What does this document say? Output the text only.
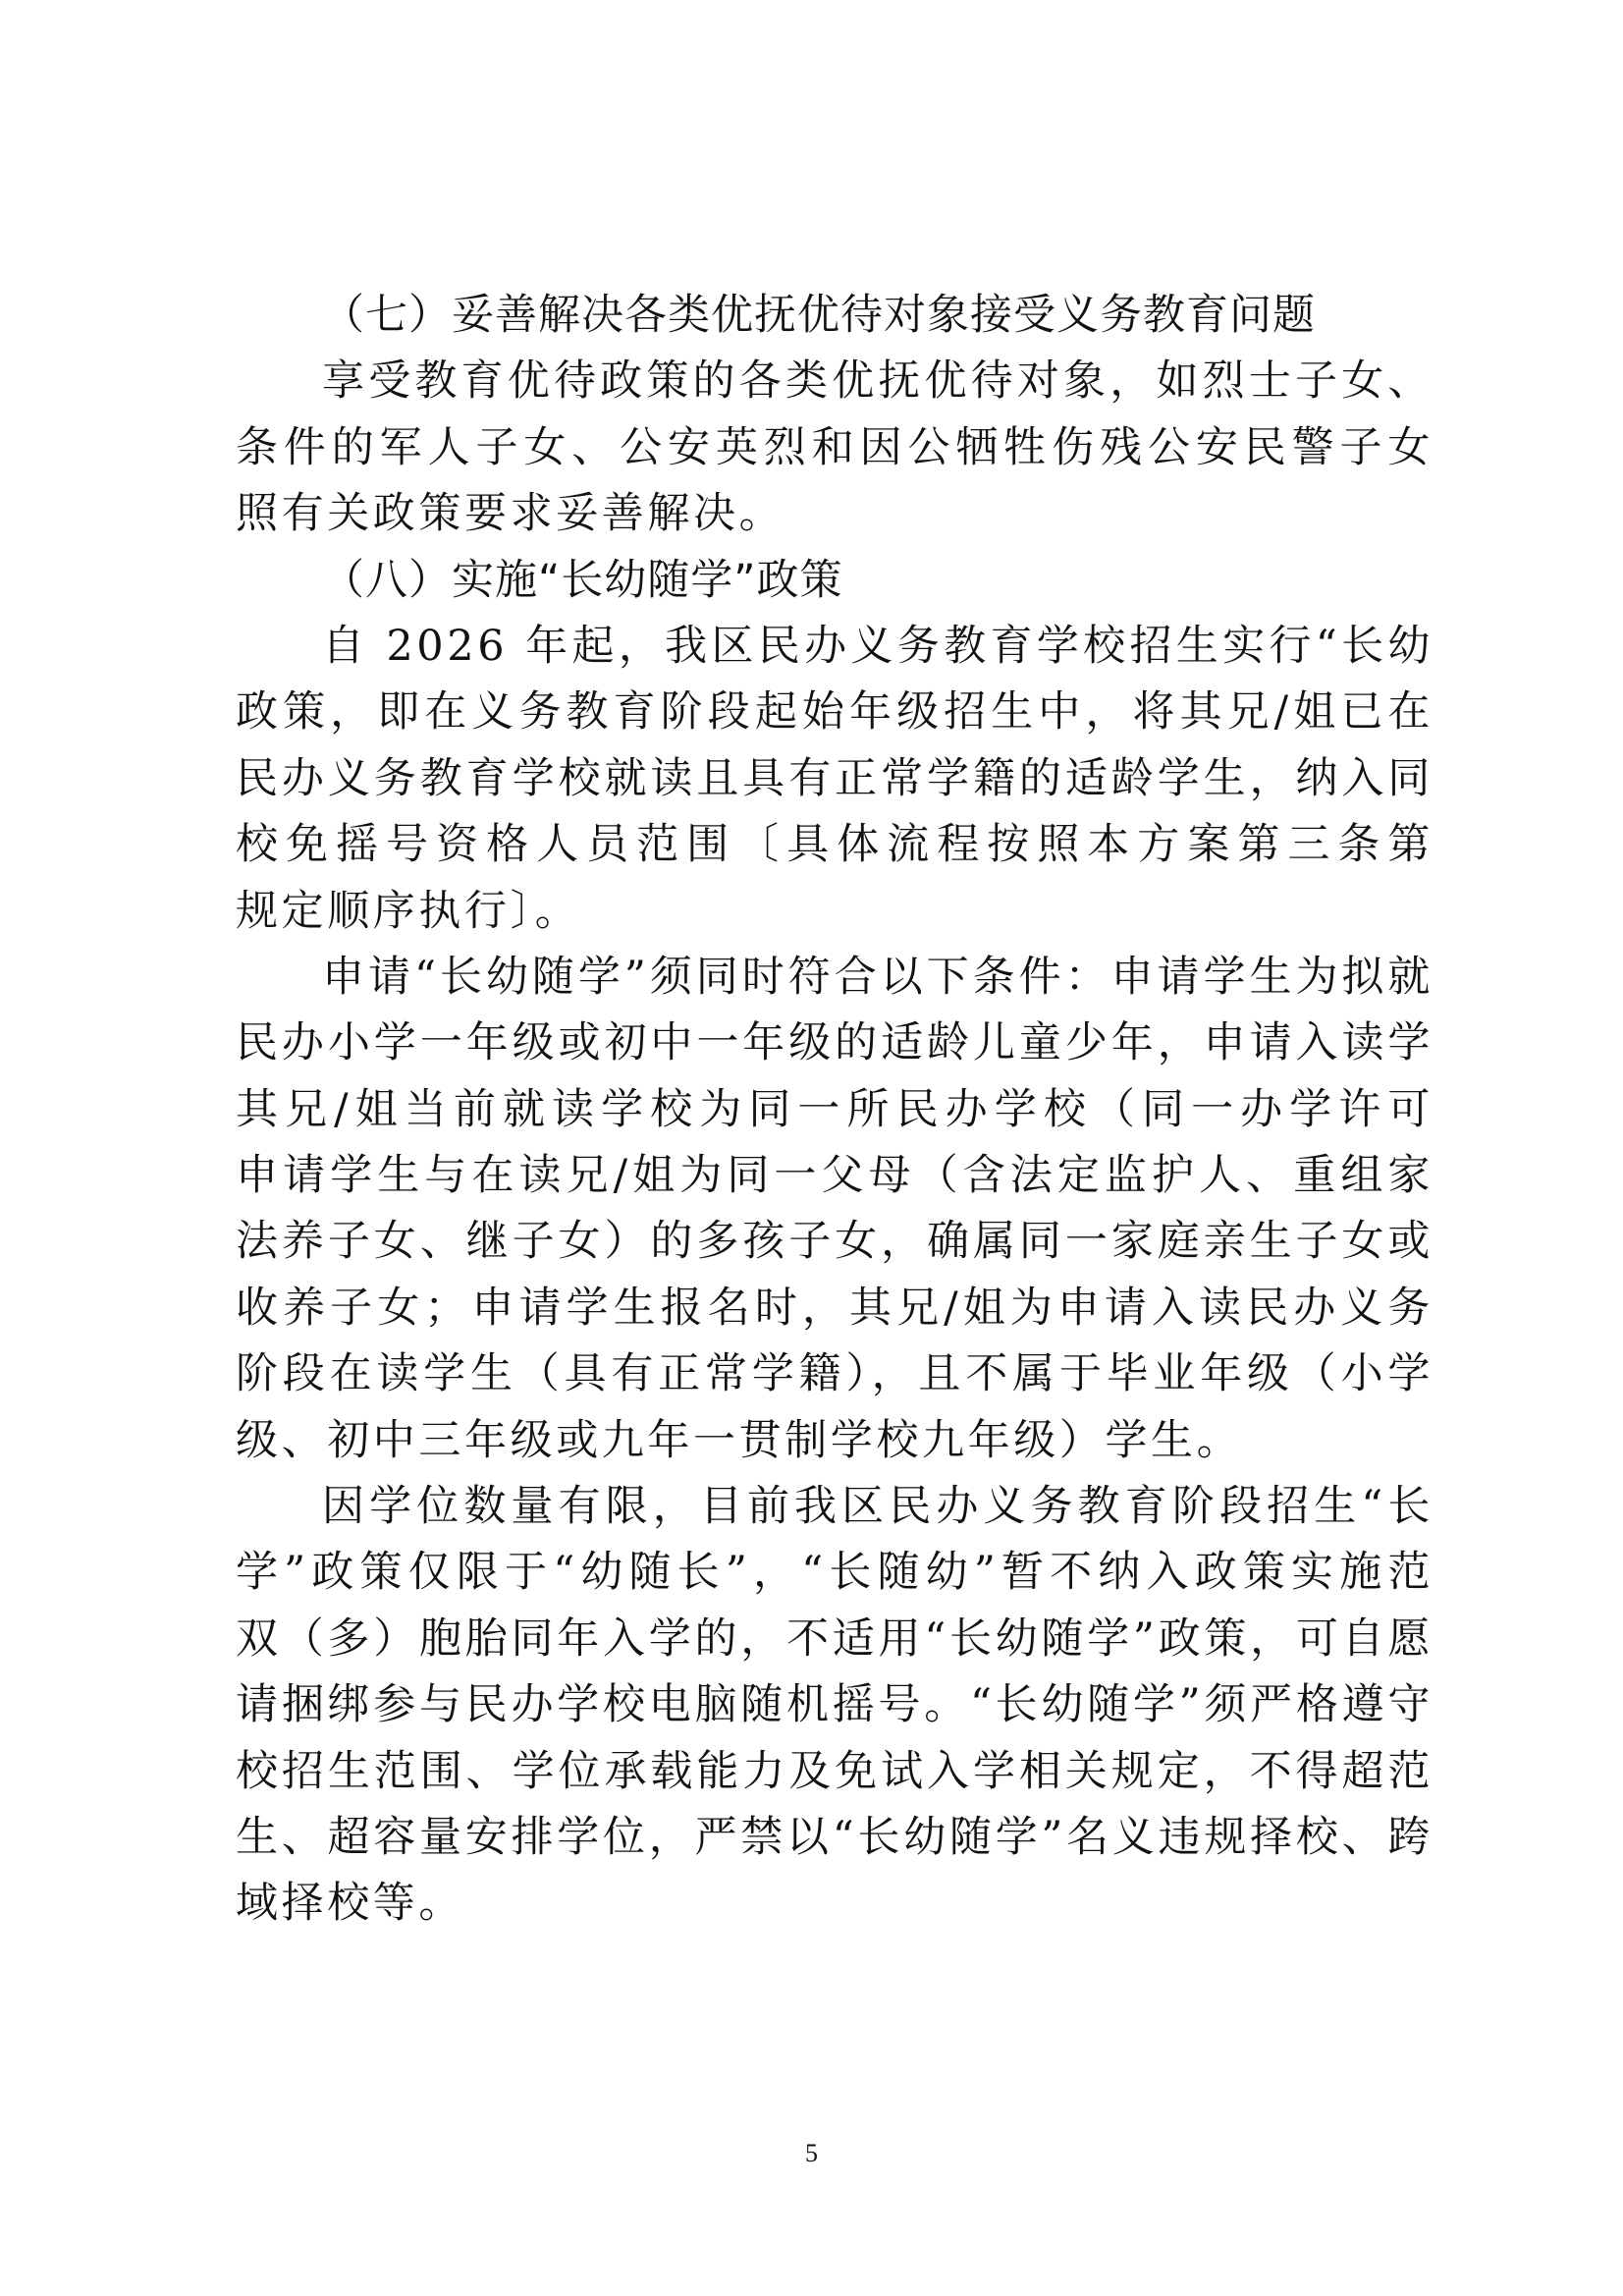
（七）妥善解决各类优抚优待对象接受义务教育问题
享受教育优待政策的各类优抚优待对象，如烈士子女、
条件的军人子女、公安英烈和因公牺牲伤残公安民警子女
照有关政策要求妥善解决。
（八）实施“长幼随学”政策
自 2026 年起，我区民办义务教育学校招生实行“长幼
政策，即在义务教育阶段起始年级招生中，将其兄/姐已在
民办义务教育学校就读且具有正常学籍的适龄学生，纳入同
校免摇号资格人员范围〔具体流程按照本方案第三条第
规定顺序执行〕。
申请“长幼随学”须同时符合以下条件：申请学生为拟就
民办小学一年级或初中一年级的适龄儿童少年，申请入读学
其兄/姐当前就读学校为同一所民办学校（同一办学许可
申请学生与在读兄/姐为同一父母（含法定监护人、重组家
法养子女、继子女）的多孩子女，确属同一家庭亲生子女或
收养子女；申请学生报名时，其兄/姐为申请入读民办义务
阶段在读学生（具有正常学籍），且不属于毕业年级（小学
级、初中三年级或九年一贯制学校九年级）学生。
因学位数量有限，目前我区民办义务教育阶段招生“长
学”政策仅限于“幼随长”，“长随幼”暂不纳入政策实施范
双（多）胞胎同年入学的，不适用“长幼随学”政策，可自愿
请捆绑参与民办学校电脑随机摇号。“长幼随学”须严格遵守
校招生范围、学位承载能力及免试入学相关规定，不得超范
生、超容量安排学位，严禁以“长幼随学”名义违规择校、跨
域择校等。
5
